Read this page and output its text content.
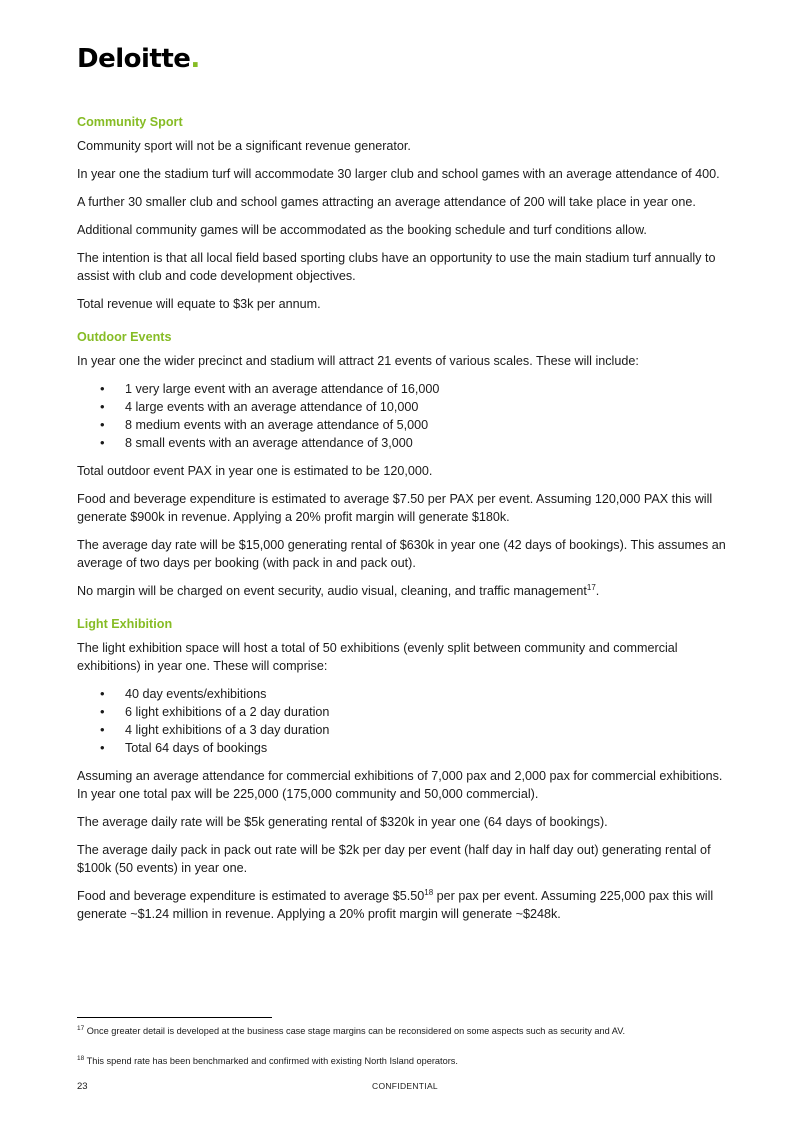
Deloitte.
Community Sport

Community sport will not be a significant revenue generator.

In year one the stadium turf will accommodate 30 larger club and school games with an average attendance of 400.

A further 30 smaller club and school games attracting an average attendance of 200 will take place in year one.

Additional community games will be accommodated as the booking schedule and turf conditions allow.

The intention is that all local field based sporting clubs have an opportunity to use the main stadium turf annually to assist with club and code development objectives.

Total revenue will equate to $3k per annum.

Outdoor Events

In year one the wider precinct and stadium will attract 21 events of various scales. These will include:

• 1 very large event with an average attendance of 16,000
• 4 large events with an average attendance of 10,000
• 8 medium events with an average attendance of 5,000
• 8 small events with an average attendance of 3,000

Total outdoor event PAX in year one is estimated to be 120,000.

Food and beverage expenditure is estimated to average $7.50 per PAX per event. Assuming 120,000 PAX this will generate $900k in revenue. Applying a 20% profit margin will generate $180k.

The average day rate will be $15,000 generating rental of $630k in year one (42 days of bookings). This assumes an average of two days per booking (with pack in and pack out).

No margin will be charged on event security, audio visual, cleaning, and traffic management$^{17}$.

Light Exhibition

The light exhibition space will host a total of 50 exhibitions (evenly split between community and commercial exhibitions) in year one. These will comprise:

• 40 day events/exhibitions
• 6 light exhibitions of a 2 day duration
• 4 light exhibitions of a 3 day duration
• Total 64 days of bookings

Assuming an average attendance for commercial exhibitions of 7,000 pax and 2,000 pax for commercial exhibitions. In year one total pax will be 225,000 (175,000 community and 50,000 commercial).

The average daily rate will be $5k generating rental of $320k in year one (64 days of bookings).

The average daily pack in pack out rate will be $2k per day per event (half day in half day out) generating rental of $100k (50 events) in year one.

Food and beverage expenditure is estimated to average $5.50$^{18}$ per pax per event. Assuming 225,000 pax this will generate ~$1.24 million in revenue. Applying a 20% profit margin will generate ~$248k.

$^{17}$ Once greater detail is developed at the business case stage margins can be reconsidered on some aspects such as security and AV.
$^{18}$ This spend rate has been benchmarked and confirmed with existing North Island operators.
23	CONFIDENTIAL
